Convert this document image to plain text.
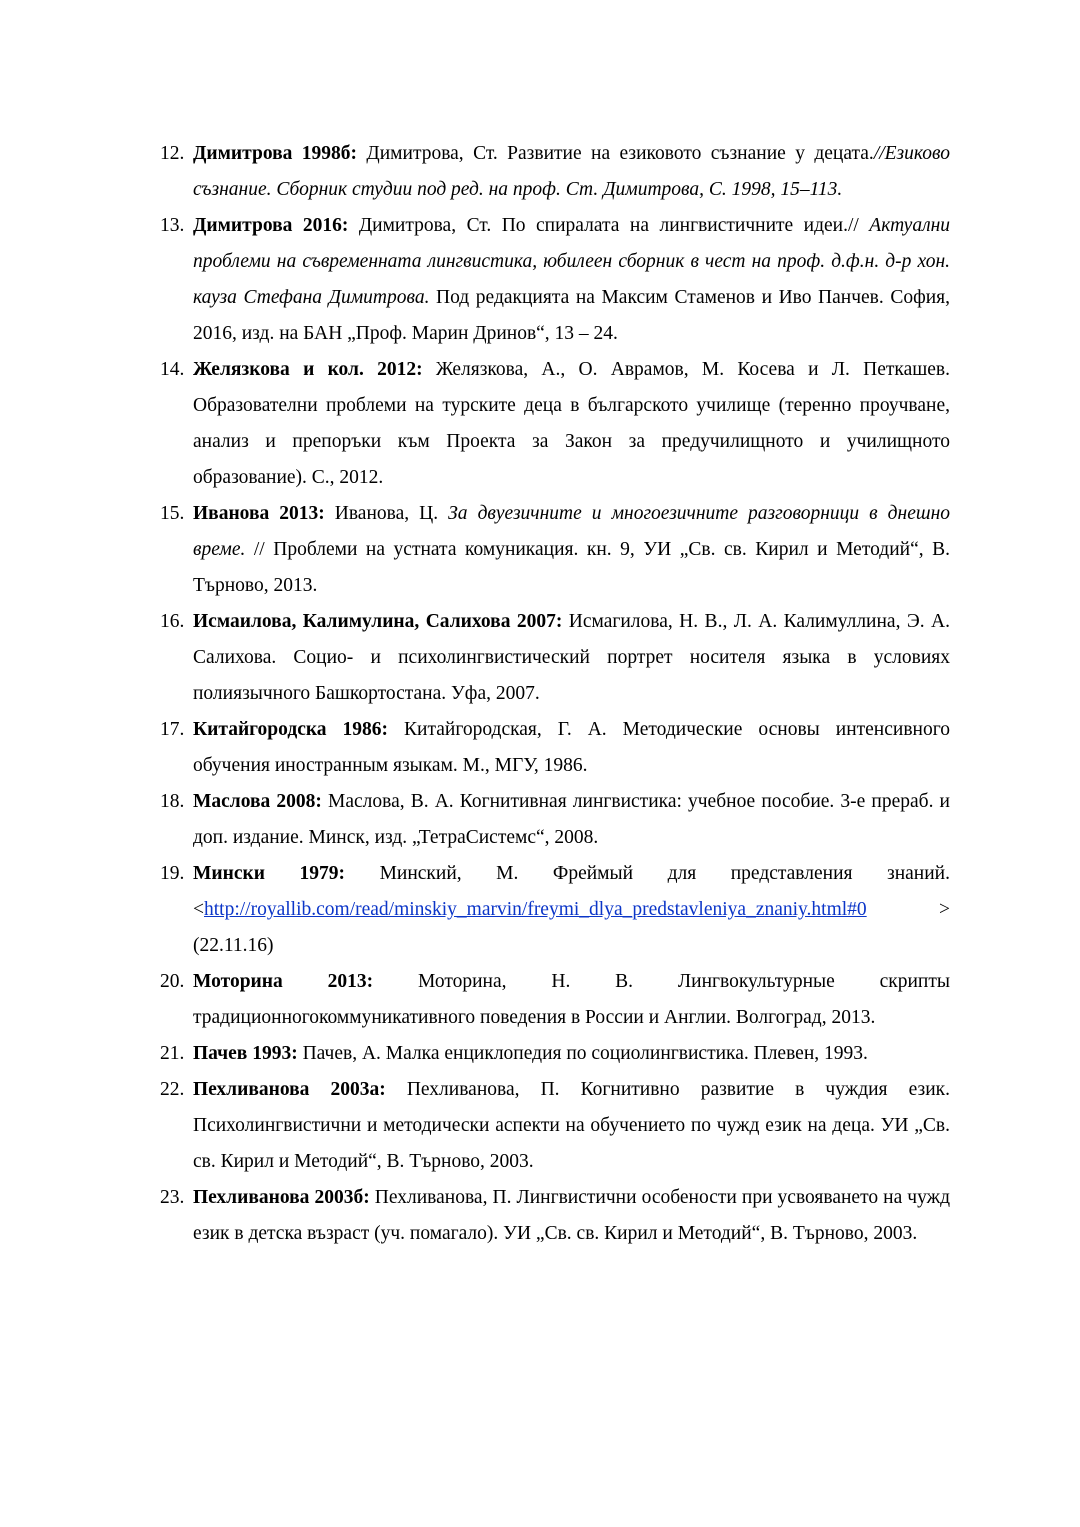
12. Димитрова 1998б: Димитрова, Ст. Развитие на езиковото съзнание у децата.//Езиково съзнание. Сборник студии под ред. на проф. Ст. Димитрова, С. 1998, 15–113.
13. Димитрова 2016: Димитрова, Ст. По спиралата на лингвистичните идеи.// Актуални проблеми на съвременната лингвистика, юбилеен сборник в чест на проф. д.ф.н. д-р хон. кауза Стефана Димитрова. Под редакцията на Максим Стаменов и Иво Панчев. София, 2016, изд. на БАН „Проф. Марин Дринов“, 13 – 24.
14. Желязкова и кол. 2012: Желязкова, А., О. Аврамов, М. Косева и Л. Петкашев. Образователни проблеми на турските деца в българското училище (теренно проучване, анализ и препоръки към Проекта за Закон за предучилищното и училищното образование). С., 2012.
15. Иванова 2013: Иванова, Ц. За двуезичните и многоезичните разговорници в днешно време. // Проблеми на устната комуникация. кн. 9, УИ „Св. св. Кирил и Методий“, В. Търново, 2013.
16. Исмаилова, Калимулина, Салихова 2007: Исмагилова, Н. В., Л. А. Калимуллина, Э. А. Салихова. Социо- и психолингвистический портрет носителя языка в условиях полиязычного Башкортостана. Уфа, 2007.
17. Китайгородска 1986: Китайгородская, Г. А. Методические основы интенсивного обучения иностранным языкам. М., МГУ, 1986.
18. Маслова 2008: Маслова, В. А. Когнитивная лингвистика: учебное пособие. 3-е прераб. и доп. издание. Минск, изд. „ТетраСистемс“, 2008.
19. Мински 1979: Минский, М. Фреймый для представления знаний. <http://royallib.com/read/minskiy_marvin/freymi_dlya_predstavleniya_znaniy.html#0 > (22.11.16)
20. Моторина 2013: Моторина, Н. В. Лингвокультурные скрипты традиционногокоммуникативного поведения в России и Англии. Волгоград, 2013.
21. Пачев 1993: Пачев, А. Малка енциклопедия по социолингвистика. Плевен, 1993.
22. Пехливанова 2003а: Пехливанова, П. Когнитивно развитие в чуждия език. Психолингвистични и методически аспекти на обучението по чужд език на деца. УИ „Св. св. Кирил и Методий“, В. Търново, 2003.
23. Пехливанова 2003б: Пехливанова, П. Лингвистични особености при усвояването на чужд език в детска възраст (уч. помагало). УИ „Св. св. Кирил и Методий“, В. Търново, 2003.
